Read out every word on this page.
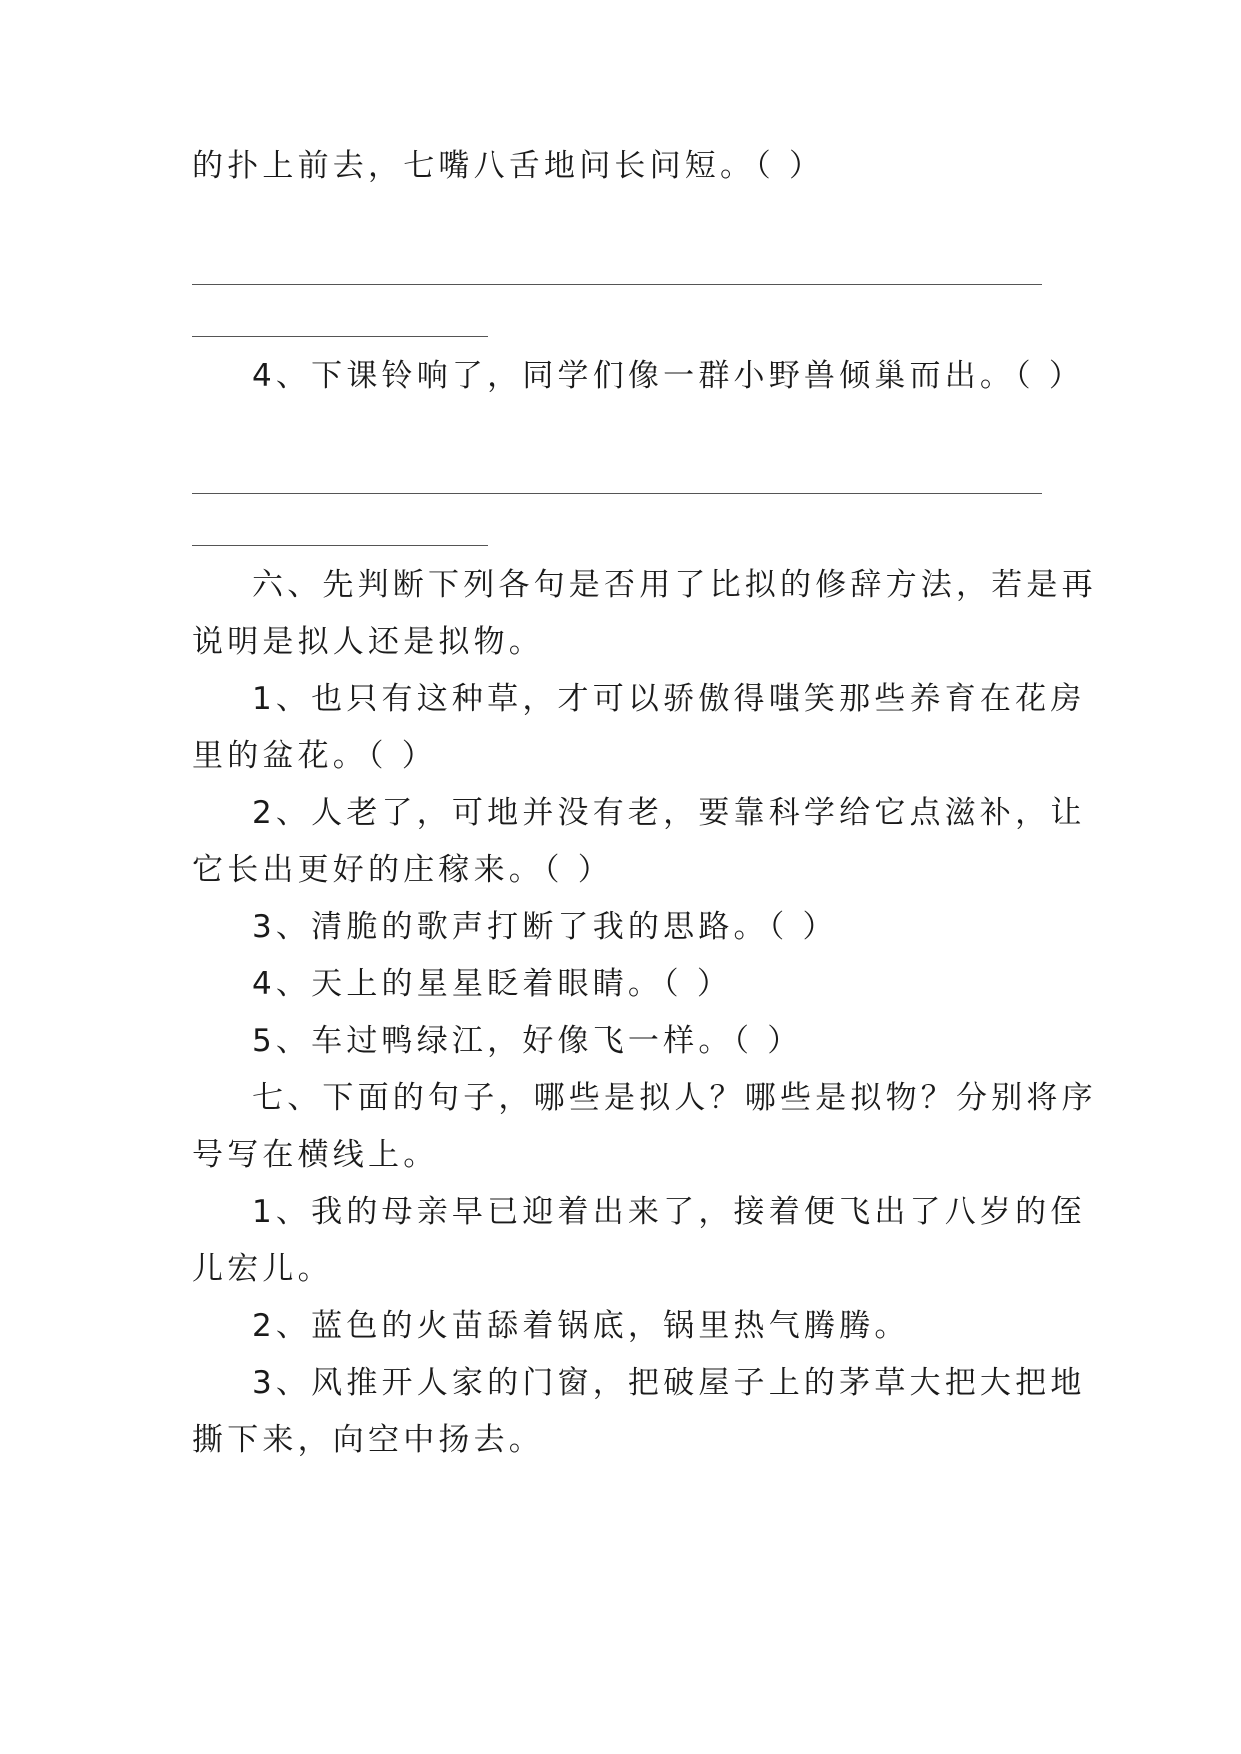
的扑上前去，七嘴八舌地问长问短。（ ）
4、下课铃响了，同学们像一群小野兽倾巢而出。（ ）
六、先判断下列各句是否用了比拟的修辞方法，若是再
说明是拟人还是拟物。
1、也只有这种草，才可以骄傲得嗤笑那些养育在花房
里的盆花。（ ）
2、人老了，可地并没有老，要靠科学给它点滋补，让
它长出更好的庄稼来。（ ）
3、清脆的歌声打断了我的思路。（ ）
4、天上的星星眨着眼睛。（ ）
5、车过鸭绿江，好像飞一样。（ ）
七、下面的句子，哪些是拟人？哪些是拟物？分别将序
号写在横线上。
1、我的母亲早已迎着出来了，接着便飞出了八岁的侄
儿宏儿。
2、蓝色的火苗舔着锅底，锅里热气腾腾。
3、风推开人家的门窗，把破屋子上的茅草大把大把地
撕下来，向空中扬去。
